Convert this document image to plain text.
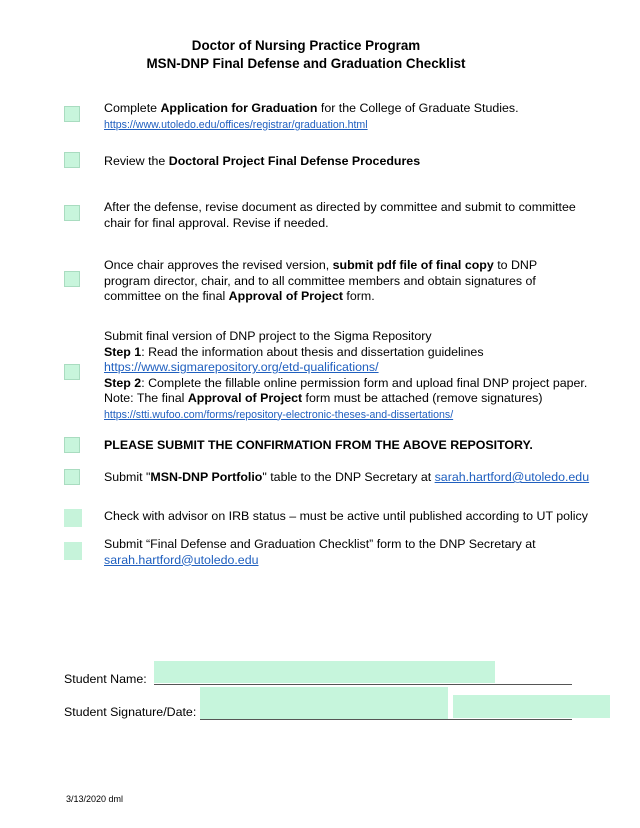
Doctor of Nursing Practice Program
MSN-DNP Final Defense and Graduation Checklist
Complete Application for Graduation for the College of Graduate Studies.
https://www.utoledo.edu/offices/registrar/graduation.html
Review the Doctoral Project Final Defense Procedures
After the defense, revise document as directed by committee and submit to committee chair for final approval. Revise if needed.
Once chair approves the revised version, submit pdf file of final copy to DNP program director, chair, and to all committee members and obtain signatures of committee on the final Approval of Project form.
Submit final version of DNP project to the Sigma Repository
Step 1: Read the information about thesis and dissertation guidelines
https://www.sigmarepository.org/etd-qualifications/
Step 2: Complete the fillable online permission form and upload final DNP project paper.
Note: The final Approval of Project form must be attached (remove signatures)
https://stti.wufoo.com/forms/repository-electronic-theses-and-dissertations/
PLEASE SUBMIT THE CONFIRMATION FROM THE ABOVE REPOSITORY.
Submit "MSN-DNP Portfolio" table to the DNP Secretary at sarah.hartford@utoledo.edu
Check with advisor on IRB status – must be active until published according to UT policy
Submit “Final Defense and Graduation Checklist” form to the DNP Secretary at
sarah.hartford@utoledo.edu
Student Name:
Student Signature/Date:
3/13/2020 dml
